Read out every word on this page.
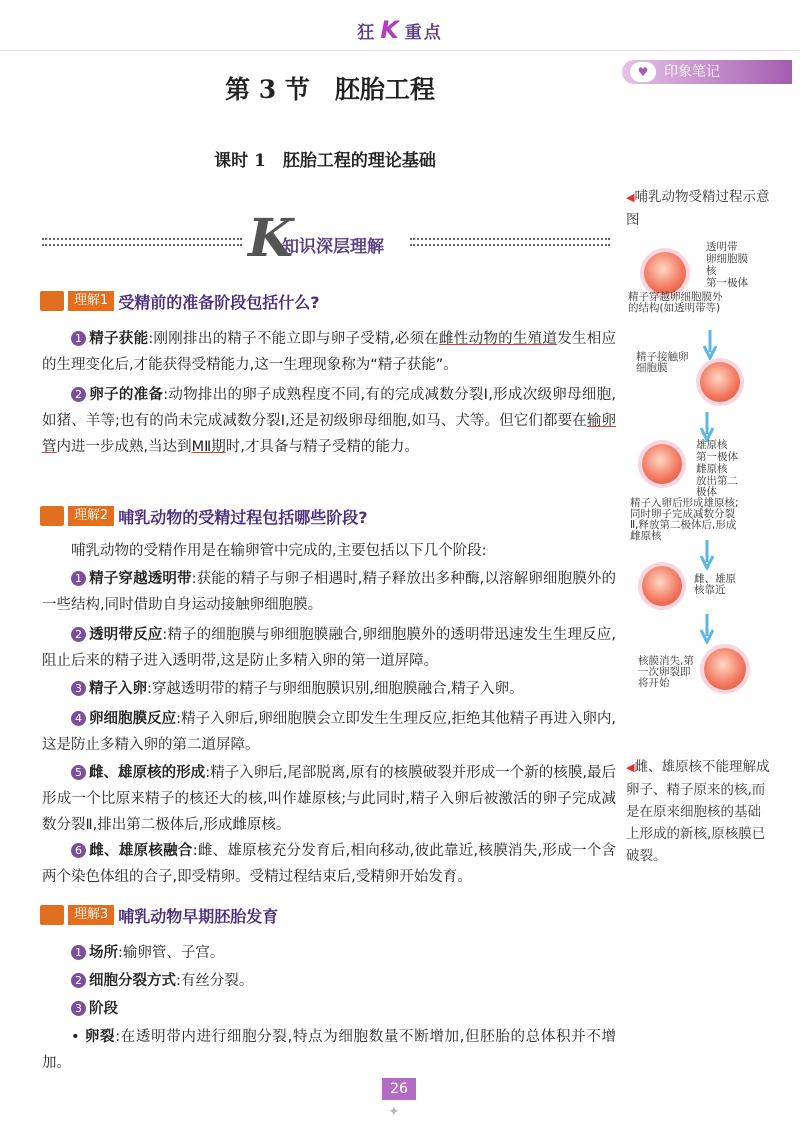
狂 K 重点
♥	印象笔记
第 3 节　胚胎工程
课时 1　胚胎工程的理论基础
K
知识深层理解
理解1 受精前的准备阶段包括什么?
1 精子获能:刚刚排出的精子不能立即与卵子受精,必须在雌性动物的生殖道发生相应的生理变化后,才能获得受精能力,这一生理现象称为“精子获能”。
2 卵子的准备:动物排出的卵子成熟程度不同,有的完成减数分裂Ⅰ,形成次级卵母细胞,如猪、羊等;也有的尚未完成减数分裂Ⅰ,还是初级卵母细胞,如马、犬等。但它们都要在输卵管内进一步成熟,当达到MⅡ期时,才具备与精子受精的能力。
理解2 哺乳动物的受精过程包括哪些阶段?
哺乳动物的受精作用是在输卵管中完成的,主要包括以下几个阶段:
1 精子穿越透明带:获能的精子与卵子相遇时,精子释放出多种酶,以溶解卵细胞膜外的一些结构,同时借助自身运动接触卵细胞膜。
2 透明带反应:精子的细胞膜与卵细胞膜融合,卵细胞膜外的透明带迅速发生生理反应,阻止后来的精子进入透明带,这是防止多精入卵的第一道屏障。
3 精子入卵:穿越透明带的精子与卵细胞膜识别,细胞膜融合,精子入卵。
4 卵细胞膜反应:精子入卵后,卵细胞膜会立即发生生理反应,拒绝其他精子再进入卵内,这是防止多精入卵的第二道屏障。
5 雌、雄原核的形成:精子入卵后,尾部脱离,原有的核膜破裂并形成一个新的核膜,最后形成一个比原来精子的核还大的核,叫作雄原核;与此同时,精子入卵后被激活的卵子完成减数分裂Ⅱ,排出第二极体后,形成雌原核。
6 雌、雄原核融合:雌、雄原核充分发育后,相向移动,彼此靠近,核膜消失,形成一个含两个染色体组的合子,即受精卵。受精过程结束后,受精卵开始发育。
理解3 哺乳动物早期胚胎发育
1 场所:输卵管、子宫。
2 细胞分裂方式:有丝分裂。
3 阶段
• 卵裂:在透明带内进行细胞分裂,特点为细胞数量不断增加,但胚胎的总体积并不增加。
◀哺乳动物受精过程示意图
透明带
卵细胞膜
核
第一极体
精子穿越卵细胞膜外的结构(如透明带等)
精子接触卵细胞膜
雄原核
第一极体
雌原核
放出第二极体
精子入卵后形成雄原核;同时卵子完成减数分裂Ⅱ,释放第二极体后,形成雌原核
雌、雄原核靠近
核膜消失,第一次卵裂即将开始
◀雌、雄原核不能理解成卵子、精子原来的核,而是在原来细胞核的基础上形成的新核,原核膜已破裂。
26
✦
